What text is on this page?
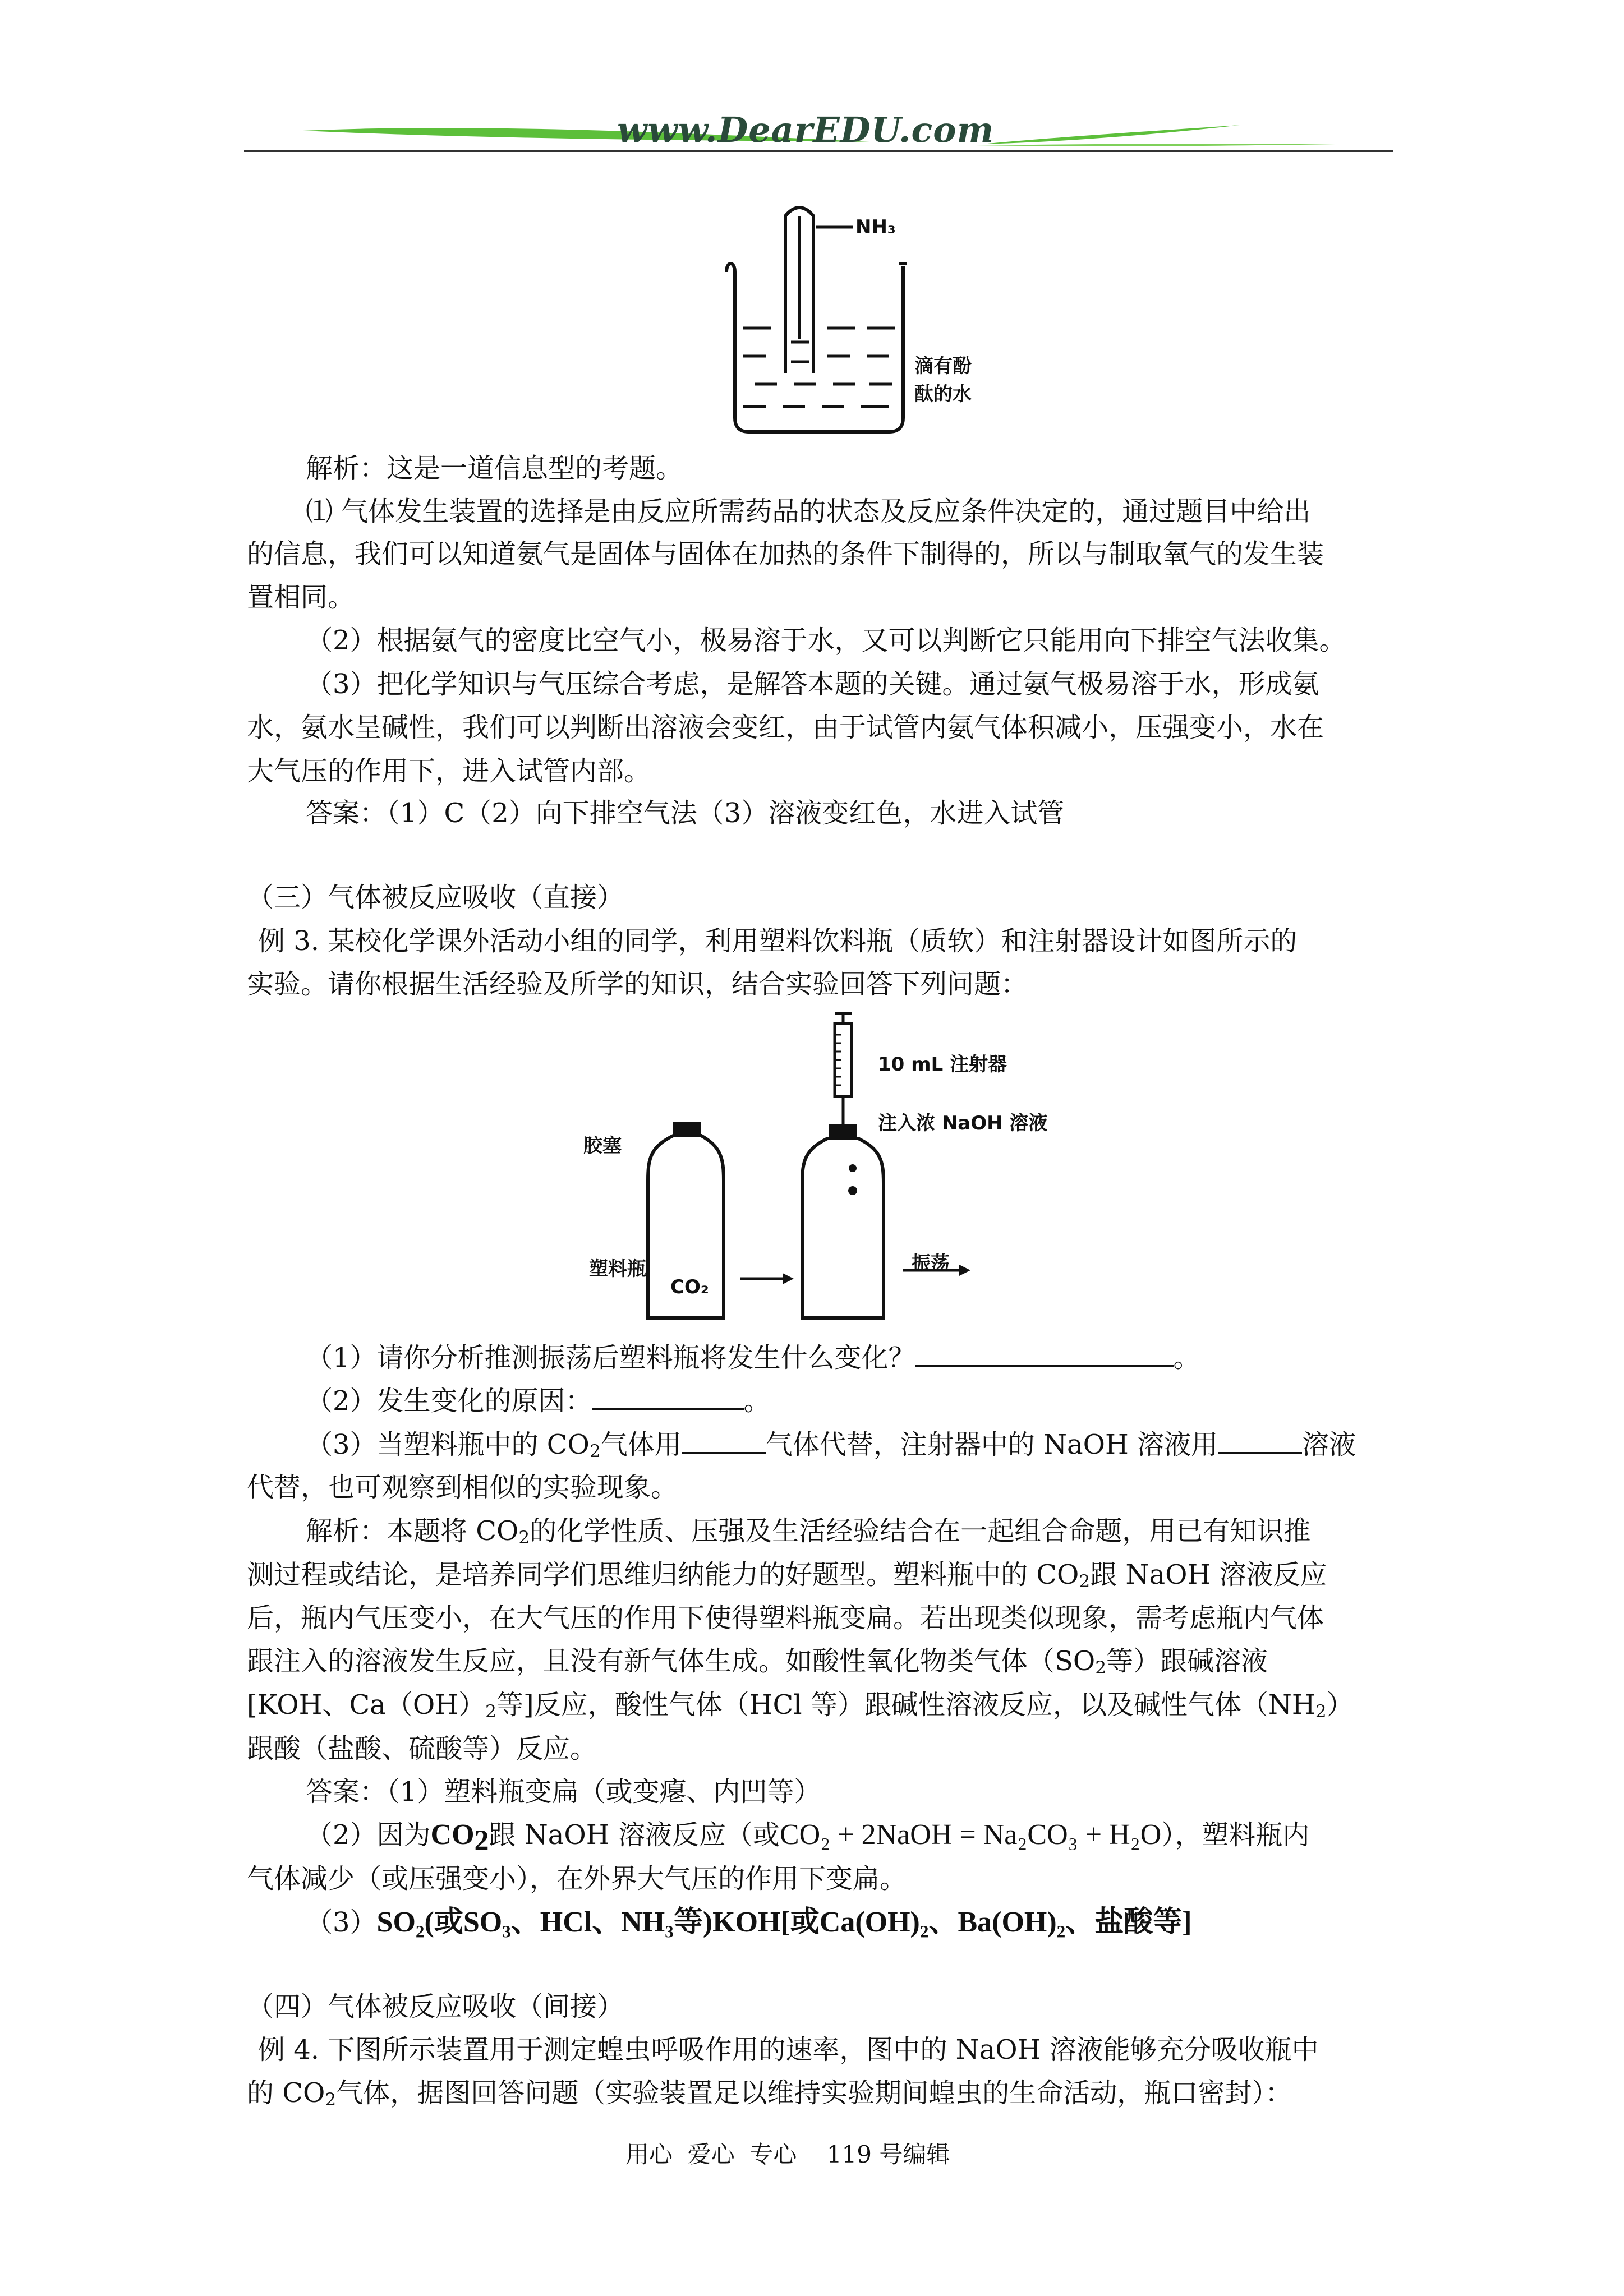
www.DearEDU.com
NH₃
滴有酚
酞的水
解析：这是一道信息型的考题。
⑴ 气体发生装置的选择是由反应所需药品的状态及反应条件决定的，通过题目中给出
的信息，我们可以知道氨气是固体与固体在加热的条件下制得的，所以与制取氧气的发生装
置相同。
（2）根据氨气的密度比空气小，极易溶于水，又可以判断它只能用向下排空气法收集。
（3）把化学知识与气压综合考虑，是解答本题的关键。通过氨气极易溶于水，形成氨
水，氨水呈碱性，我们可以判断出溶液会变红，由于试管内氨气体积减小，压强变小，水在
大气压的作用下，进入试管内部。
答案：（1）C（2）向下排空气法（3）溶液变红色，水进入试管
（三）气体被反应吸收（直接）
例 3. 某校化学课外活动小组的同学，利用塑料饮料瓶（质软）和注射器设计如图所示的
实验。请你根据生活经验及所学的知识，结合实验回答下列问题：
10 mL 注射器
注入浓 NaOH 溶液
胶塞
塑料瓶
CO₂
振荡
（1）请你分析推测振荡后塑料瓶将发生什么变化？	。
（2）发生变化的原因：	。
（3）当塑料瓶中的 $CO_2$气体用	气体代替，注射器中的 NaOH 溶液用	溶液
代替，也可观察到相似的实验现象。
解析：本题将 $CO_2$的化学性质、压强及生活经验结合在一起组合命题，用已有知识推
测过程或结论，是培养同学们思维归纳能力的好题型。塑料瓶中的 $CO_2$跟 NaOH 溶液反应
后，瓶内气压变小，在大气压的作用下使得塑料瓶变扁。若出现类似现象，需考虑瓶内气体
跟注入的溶液发生反应，且没有新气体生成。如酸性氧化物类气体（$SO_2$等）跟碱溶液
[KOH、$Ca(OH)_2$等]反应，酸性气体（HCl 等）跟碱性溶液反应，以及碱性气体$(NH_2)$
跟酸（盐酸、硫酸等）反应。
答案：（1）塑料瓶变扁（或变瘪、内凹等）
（2）因为$CO_2$跟 NaOH 溶液反应（或CO₂ + 2NaOH = Na₂CO₃ + H₂O），塑料瓶内
气体减少（或压强变小），在外界大气压的作用下变扁。
（3）SO₂(或SO₃、HCl、NH₃等)KOH[或Ca(OH)₂、Ba(OH)₂、盐酸等]
（四）气体被反应吸收（间接）
例 4. 下图所示装置用于测定蝗虫呼吸作用的速率，图中的 NaOH 溶液能够充分吸收瓶中
的 $CO_2$气体，据图回答问题（实验装置足以维持实验期间蝗虫的生命活动，瓶口密封）：
用心  爱心  专心    119 号编辑
